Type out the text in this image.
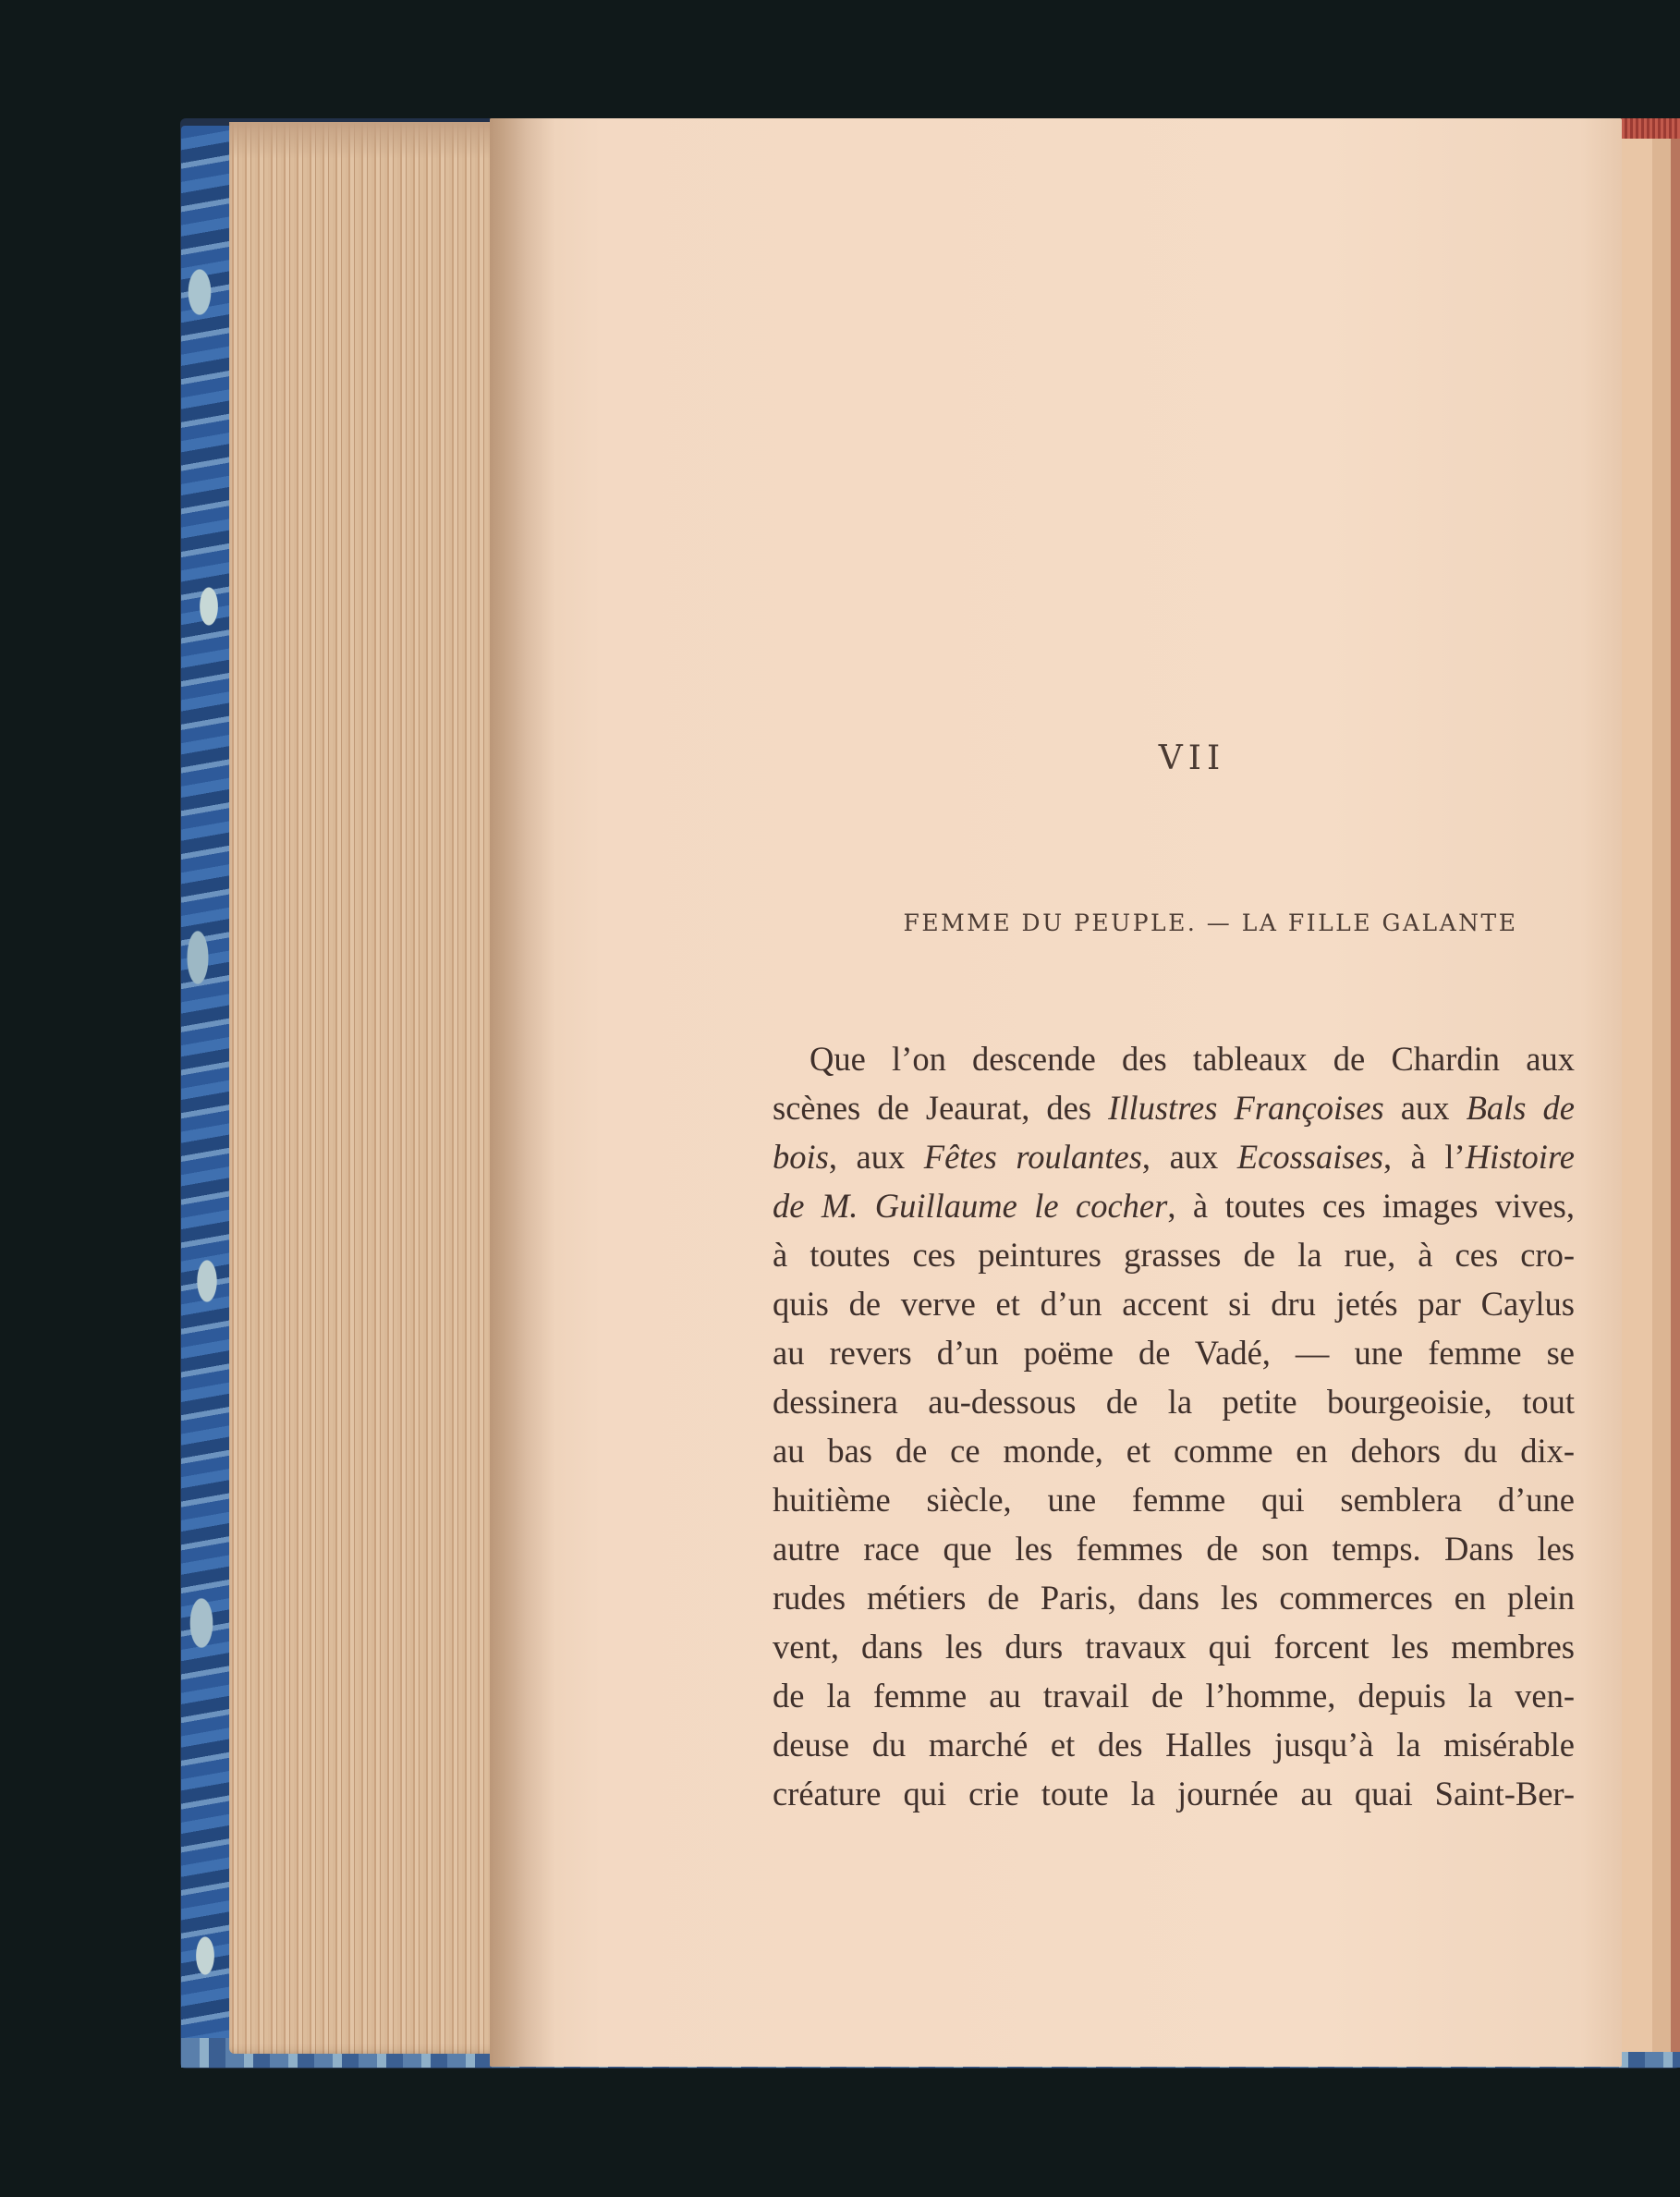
VII
FEMME DU PEUPLE. — LA FILLE GALANTE
Que l’on descende des tableaux de Chardin aux
scènes de Jeaurat, des Illustres Françoises aux Bals de
bois, aux Fêtes roulantes, aux Ecossaises, à l’Histoire
de M. Guillaume le cocher, à toutes ces images vives,
à toutes ces peintures grasses de la rue, à ces cro-
quis de verve et d’un accent si dru jetés par Caylus
au revers d’un poëme de Vadé, — une femme se
dessinera au-dessous de la petite bourgeoisie, tout
au bas de ce monde, et comme en dehors du dix-
huitième siècle, une femme qui semblera d’une
autre race que les femmes de son temps. Dans les
rudes métiers de Paris, dans les commerces en plein
vent, dans les durs travaux qui forcent les membres
de la femme au travail de l’homme, depuis la ven-
deuse du marché et des Halles jusqu’à la misérable
créature qui crie toute la journée au quai Saint-Ber-
